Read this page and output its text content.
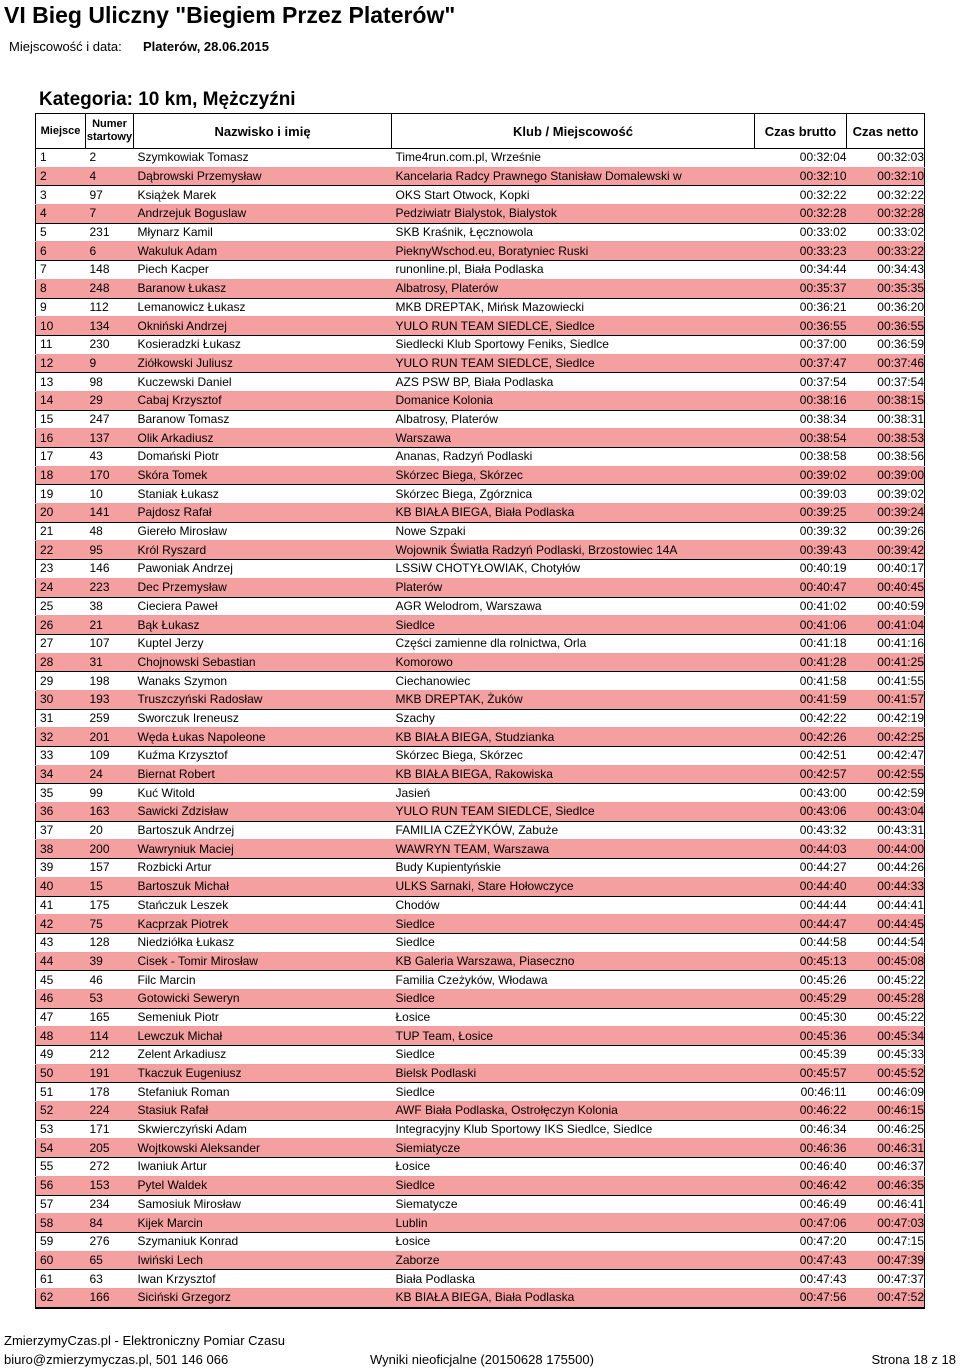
VI Bieg Uliczny "Biegiem Przez Platerów"
Miejscowość i data: Platerów, 28.06.2015
Kategoria: 10 km, Mężczyźni
Miejsce	Numer startowy	Nazwisko i imię	Klub / Miejscowość	Czas brutto	Czas netto
1	2	Szymkowiak Tomasz	Time4run.com.pl, Wrześnie	00:32:04	00:32:03
2	4	Dąbrowski Przemysław	Kancelaria Radcy Prawnego Stanisław Domalewski w	00:32:10	00:32:10
3	97	Książek Marek	OKS Start Otwock, Kopki	00:32:22	00:32:22
4	7	Andrzejuk Boguslaw	Pedziwiatr Bialystok, Bialystok	00:32:28	00:32:28
5	231	Młynarz Kamil	SKB Kraśnik, Łęcznowola	00:33:02	00:33:02
6	6	Wakuluk Adam	PieknyWschod.eu, Boratyniec Ruski	00:33:23	00:33:22
7	148	Piech Kacper	runonline.pl, Biała Podlaska	00:34:44	00:34:43
8	248	Baranow Łukasz	Albatrosy, Platerów	00:35:37	00:35:35
9	112	Lemanowicz Łukasz	MKB DREPTAK, Mińsk Mazowiecki	00:36:21	00:36:20
10	134	Okniński Andrzej	YULO RUN TEAM SIEDLCE, Siedlce	00:36:55	00:36:55
11	230	Kosieradzki Łukasz	Siedlecki Klub Sportowy Feniks, Siedlce	00:37:00	00:36:59
12	9	Ziółkowski Juliusz	YULO RUN TEAM SIEDLCE, Siedlce	00:37:47	00:37:46
13	98	Kuczewski Daniel	AZS PSW BP, Biała Podlaska	00:37:54	00:37:54
14	29	Cabaj Krzysztof	Domanice Kolonia	00:38:16	00:38:15
15	247	Baranow Tomasz	Albatrosy, Platerów	00:38:34	00:38:31
16	137	Olik Arkadiusz	Warszawa	00:38:54	00:38:53
17	43	Domański Piotr	Ananas, Radzyń Podlaski	00:38:58	00:38:56
18	170	Skóra Tomek	Skórzec Biega, Skórzec	00:39:02	00:39:00
19	10	Staniak Łukasz	Skórzec Biega, Zgórznica	00:39:03	00:39:02
20	141	Pajdosz Rafał	KB BIAŁA BIEGA, Biała Podlaska	00:39:25	00:39:24
21	48	Giereło Mirosław	Nowe Szpaki	00:39:32	00:39:26
22	95	Król Ryszard	Wojownik Światła Radzyń Podlaski, Brzostowiec 14A	00:39:43	00:39:42
23	146	Pawoniak Andrzej	LSSiW CHOTYŁOWIAK, Chotyłów	00:40:19	00:40:17
24	223	Dec Przemysław	Platerów	00:40:47	00:40:45
25	38	Cieciera Paweł	AGR Welodrom, Warszawa	00:41:02	00:40:59
26	21	Bąk Łukasz	Siedlce	00:41:06	00:41:04
27	107	Kuptel Jerzy	Części zamienne dla rolnictwa, Orla	00:41:18	00:41:16
28	31	Chojnowski Sebastian	Komorowo	00:41:28	00:41:25
29	198	Wanaks Szymon	Ciechanowiec	00:41:58	00:41:55
30	193	Truszczyński Radosław	MKB DREPTAK, Żuków	00:41:59	00:41:57
31	259	Sworczuk Ireneusz	Szachy	00:42:22	00:42:19
32	201	Węda Łukas Napoleone	KB BIAŁA BIEGA, Studzianka	00:42:26	00:42:25
33	109	Kuźma Krzysztof	Skórzec Biega, Skórzec	00:42:51	00:42:47
34	24	Biernat Robert	KB BIAŁA BIEGA, Rakowiska	00:42:57	00:42:55
35	99	Kuć Witold	Jasień	00:43:00	00:42:59
36	163	Sawicki Zdzisław	YULO RUN TEAM SIEDLCE, Siedlce	00:43:06	00:43:04
37	20	Bartoszuk Andrzej	FAMILIA CZEŻYKÓW, Zabuże	00:43:32	00:43:31
38	200	Wawryniuk Maciej	WAWRYN TEAM, Warszawa	00:44:03	00:44:00
39	157	Rozbicki Artur	Budy Kupientyńskie	00:44:27	00:44:26
40	15	Bartoszuk Michał	ULKS Sarnaki, Stare Hołowczyce	00:44:40	00:44:33
41	175	Stańczuk Leszek	Chodów	00:44:44	00:44:41
42	75	Kacprzak Piotrek	Siedlce	00:44:47	00:44:45
43	128	Niedziółka Łukasz	Siedlce	00:44:58	00:44:54
44	39	Cisek - Tomir Mirosław	KB Galeria Warszawa, Piaseczno	00:45:13	00:45:08
45	46	Filc Marcin	Familia Czeżyków, Włodawa	00:45:26	00:45:22
46	53	Gotowicki Seweryn	Siedlce	00:45:29	00:45:28
47	165	Semeniuk Piotr	Łosice	00:45:30	00:45:22
48	114	Lewczuk Michał	TUP Team, Łosice	00:45:36	00:45:34
49	212	Zelent Arkadiusz	Siedlce	00:45:39	00:45:33
50	191	Tkaczuk Eugeniusz	Bielsk Podlaski	00:45:57	00:45:52
51	178	Stefaniuk Roman	Siedlce	00:46:11	00:46:09
52	224	Stasiuk Rafał	AWF Biała Podlaska, Ostrołęczyn Kolonia	00:46:22	00:46:15
53	171	Skwierczyński Adam	Integracyjny Klub Sportowy IKS Siedlce, Siedlce	00:46:34	00:46:25
54	205	Wojtkowski Aleksander	Siemiatycze	00:46:36	00:46:31
55	272	Iwaniuk Artur	Łosice	00:46:40	00:46:37
56	153	Pytel Waldek	Siedlce	00:46:42	00:46:35
57	234	Samosiuk Mirosław	Siematycze	00:46:49	00:46:41
58	84	Kijek Marcin	Lublin	00:47:06	00:47:03
59	276	Szymaniuk Konrad	Łosice	00:47:20	00:47:15
60	65	Iwiński Lech	Zaborze	00:47:43	00:47:39
61	63	Iwan Krzysztof	Biała Podlaska	00:47:43	00:47:37
62	166	Siciński Grzegorz	KB BIAŁA BIEGA, Biała Podlaska	00:47:56	00:47:52
ZmierzymyCzas.pl - Elektroniczny Pomiar Czasu
biuro@zmierzymyczas.pl, 501 146 066	Wyniki nieoficjalne (20150628 175500)	Strona 18 z 18
